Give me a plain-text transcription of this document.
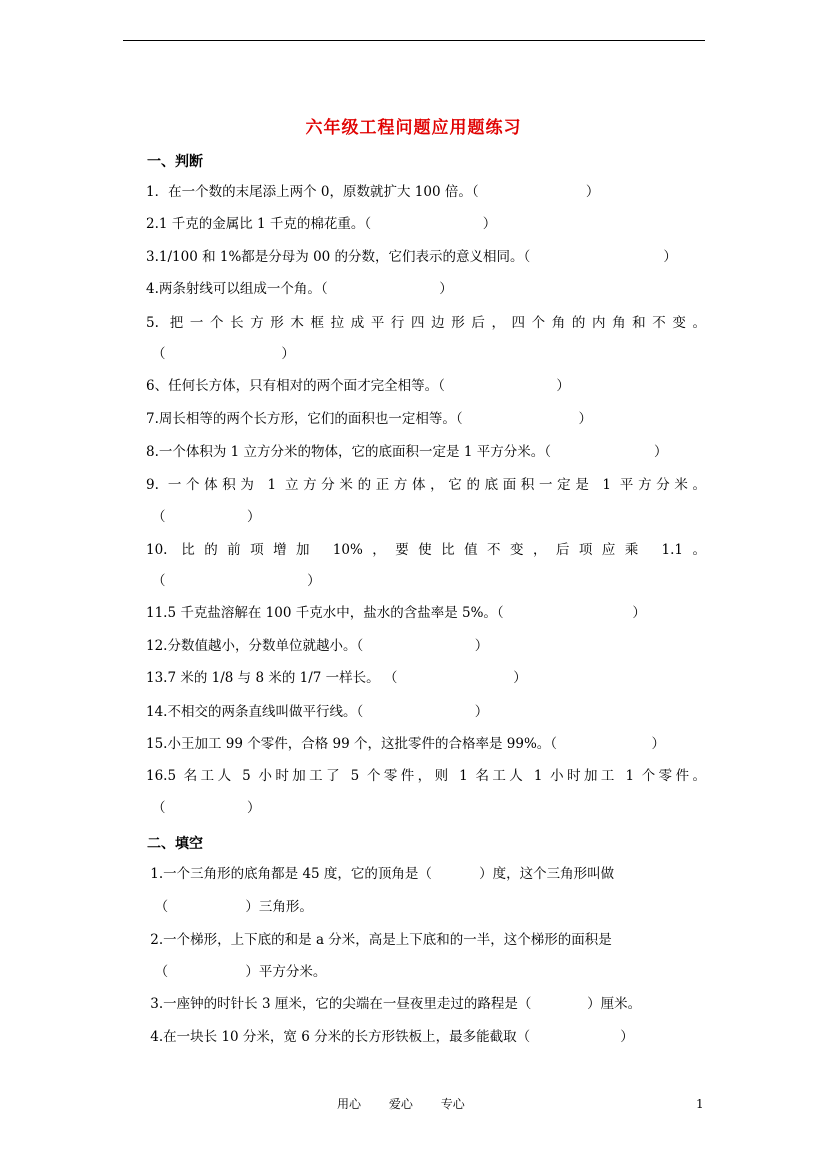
六年级工程问题应用题练习
一、判断
1．在一个数的末尾添上两个 0，原数就扩大 100 倍。（                         ）
2.1 千克的金属比 1 千克的棉花重。（                          ）
3.1/100 和 1%都是分母为 00 的分数，它们表示的意义相同。（                               ）
4.两条射线可以组成一个角。（                          ）
5. 把一个长方形木框拉成平行四边形后，四个角的内角和不变。
（                           ）
6、任何长方体，只有相对的两个面才完全相等。（                          ）
7.周长相等的两个长方形，它们的面积也一定相等。（                           ）
8.一个体积为 1 立方分米的物体，它的底面积一定是 1 平方分米。（                        ）
9. 一个体积为 1 立方分米的正方体，它的底面积一定是 1 平方分米。
（                   ）
10. 比的前项增加 10%，要使比值不变，后项应乘 1.1。
（                                 ）
11.5 千克盐溶解在 100 千克水中，盐水的含盐率是 5%。（                              ）
12.分数值越小，分数单位就越小。（                          ）
13.7 米的 1/8 与 8 米的 1/7 一样长。 （                           ）
14.不相交的两条直线叫做平行线。（                          ）
15.小王加工 99 个零件，合格 99 个，这批零件的合格率是 99%。（                      ）
16.5 名工人 5 小时加工了 5 个零件，则 1 名工人 1 小时加工 1 个零件。
（                   ）
二、填空
1.一个三角形的底角都是 45 度，它的顶角是（           ）度，这个三角形叫做
（                  ）三角形。
2.一个梯形，上下底的和是 a 分米，高是上下底和的一半，这个梯形的面积是
（                  ）平方分米。
3.一座钟的时针长 3 厘米，它的尖端在一昼夜里走过的路程是（             ）厘米。
4.在一块长 10 分米，宽 6 分米的长方形铁板上，最多能截取（                     ）
用心 爱心 专心	1
